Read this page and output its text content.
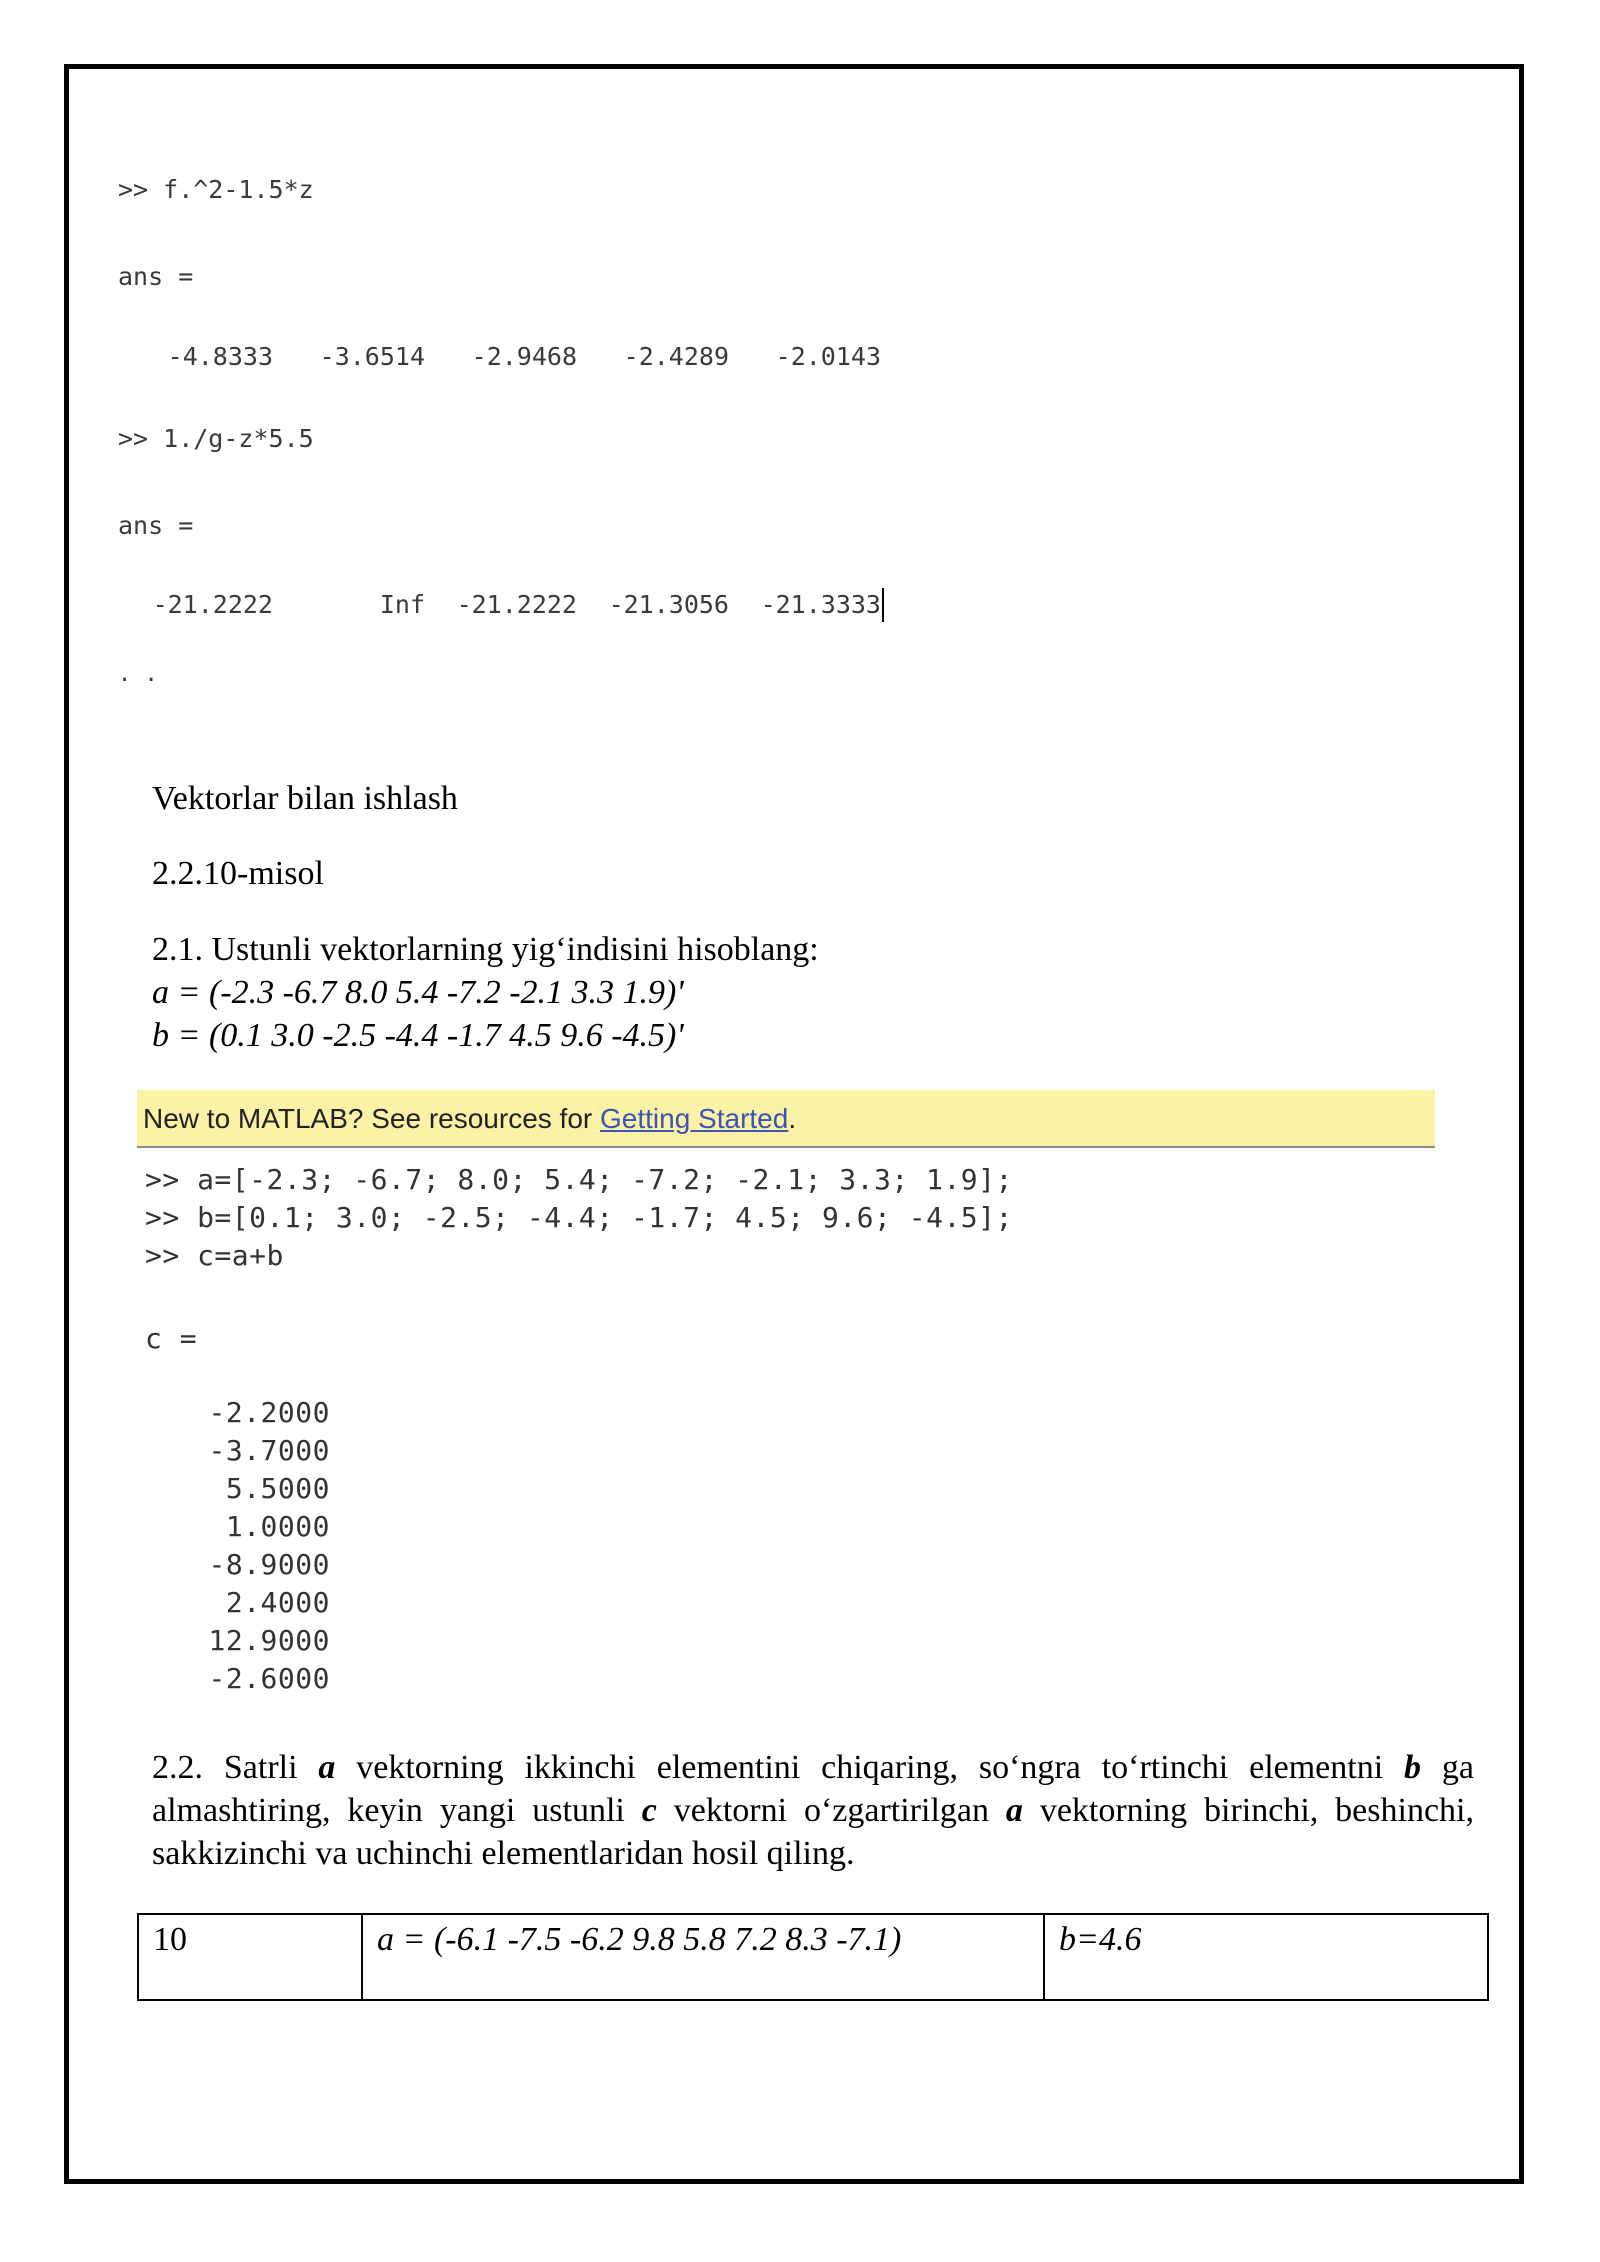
>> f.^2-1.5*z
ans =
-4.8333 -3.6514 -2.9468 -2.4289 -2.0143
>> 1./g-z*5.5
ans =
-21.2222	Inf	-21.2222	-21.3056	-21.3333
. .
Vektorlar bilan ishlash
2.2.10-misol
2.1. Ustunli vektorlarning yig‘indisini hisoblang:
a = (-2.3 -6.7 8.0 5.4 -7.2 -2.1 3.3 1.9)'
b = (0.1 3.0 -2.5 -4.4 -1.7 4.5 9.6 -4.5)'
New to MATLAB? See resources for Getting Started.
>> a=[-2.3; -6.7; 8.0; 5.4; -7.2; -2.1; 3.3; 1.9];
>> b=[0.1; 3.0; -2.5; -4.4; -1.7; 4.5; 9.6; -4.5];
>> c=a+b
c =
-2.2000
-3.7000
5.5000
1.0000
-8.9000
2.4000
12.9000
-2.6000
2.2. Satrli a vektorning ikkinchi elementini chiqaring, so‘ngra to‘rtinchi elementni b ga almashtiring, keyin yangi ustunli c vektorni o‘zgartirilgan a vektorning birinchi, beshinchi, sakkizinchi va uchinchi elementlaridan hosil qiling.
10	a = (-6.1 -7.5 -6.2 9.8 5.8 7.2 8.3 -7.1)	b=4.6
